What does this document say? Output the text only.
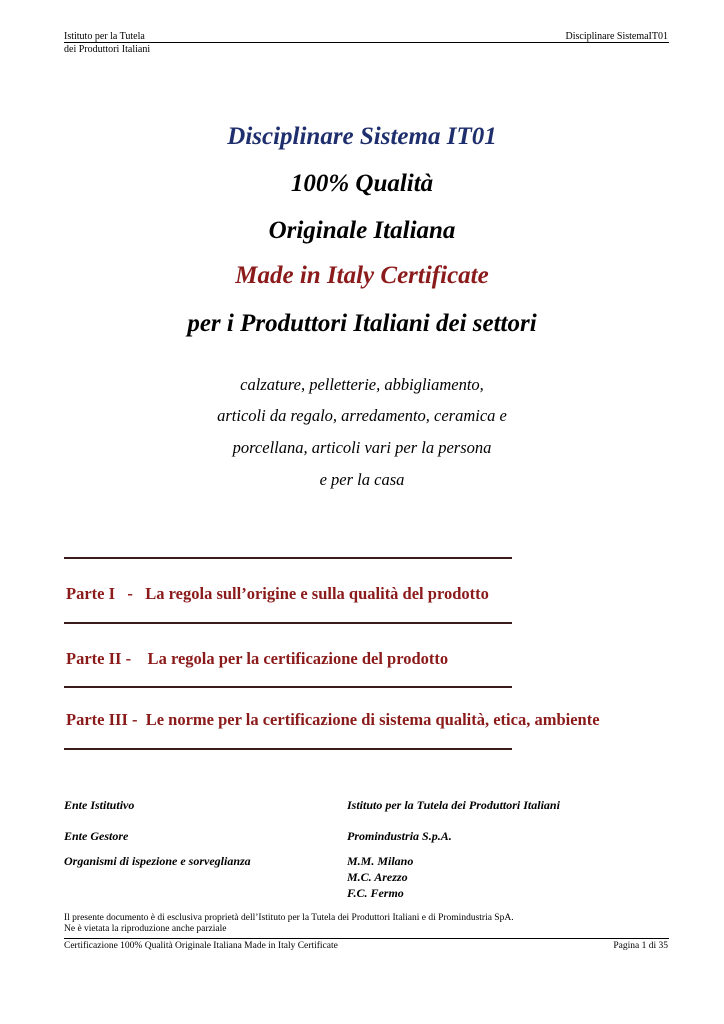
Istituto per la Tutela	Disciplinare SistemaIT01
dei Produttori Italiani
Disciplinare Sistema IT01
100% Qualità
Originale Italiana
Made in Italy Certificate
per i Produttori Italiani dei settori
calzature, pelletterie, abbigliamento,
articoli da regalo, arredamento, ceramica e
porcellana, articoli vari per la persona
e per la casa
Parte I   -   La regola sull’origine e sulla qualità del prodotto
Parte II -    La regola per la certificazione del prodotto
Parte III -  Le norme per la certificazione di sistema qualità, etica, ambiente
Ente Istitutivo	Istituto per la Tutela dei Produttori Italiani
Ente Gestore	Promindustria S.p.A.
Organismi di ispezione e sorveglianza	M.M. Milano
M.C. Arezzo
F.C. Fermo
Il presente documento è di esclusiva proprietà dell’Istituto per la Tutela dei Produttori Italiani e di Promindustria SpA.
Ne è vietata la riproduzione anche parziale
Certificazione 100% Qualità Originale Italiana Made in Italy Certificate	Pagina 1 di 35
